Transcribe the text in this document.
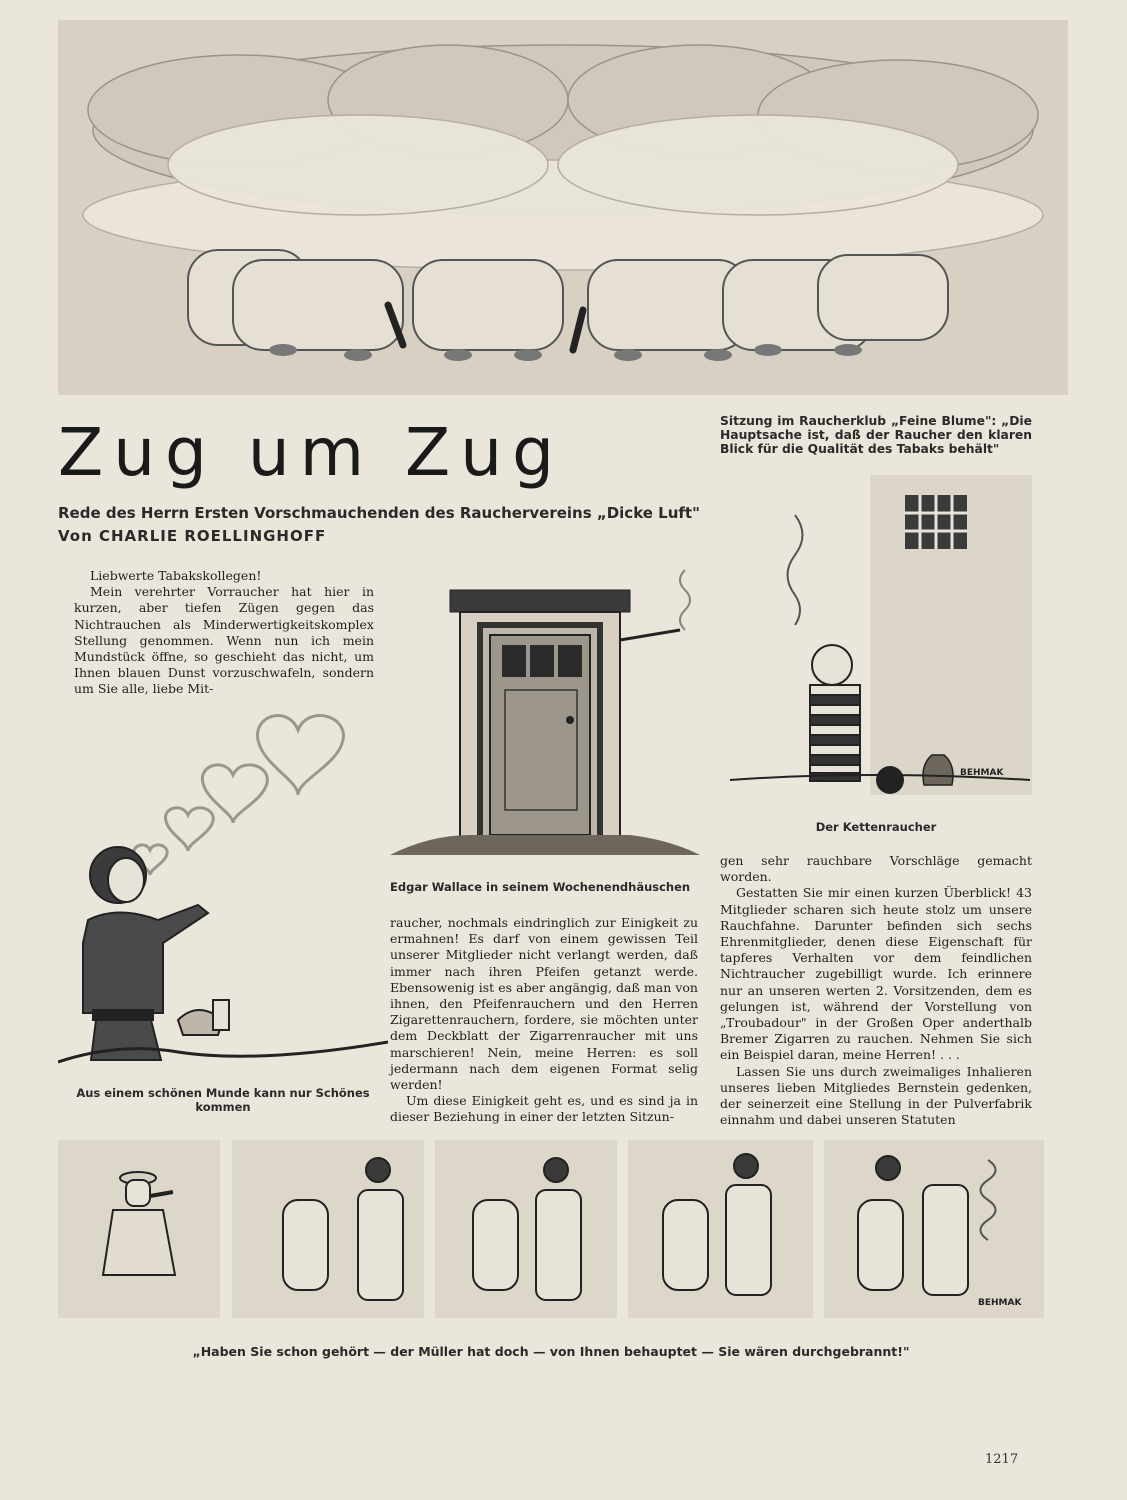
Zug um Zug
Rede des Herrn Ersten Vorschmauchenden des Rauchervereins „Dicke Luft"
Von CHARLIE ROELLINGHOFF
Sitzung im Raucherklub „Feine Blume": „Die Hauptsache ist, daß der Raucher den klaren Blick für die Qualität des Tabaks behält"

Liebwerte Tabakskollegen!

Mein verehrter Vorraucher hat hier in kurzen, aber tiefen Zügen gegen das Nichtrauchen als Minderwertigkeitskomplex Stellung genommen. Wenn nun ich mein Mundstück öffne, so geschieht das nicht, um Ihnen blauen Dunst vorzuschwafeln, sondern um Sie alle, liebe Mit-

Aus einem schönen Munde kann nur Schönes kommen
Edgar Wallace in seinem Wochenendhäuschen

raucher, nochmals eindringlich zur Einigkeit zu ermahnen! Es darf von einem gewissen Teil unserer Mitglieder nicht verlangt werden, daß immer nach ihren Pfeifen getanzt werde. Ebensowenig ist es aber angängig, daß man von ihnen, den Pfeifenrauchern und den Herren Zigarettenrauchern, fordere, sie möchten unter dem Deckblatt der Zigarrenraucher mit uns marschieren! Nein, meine Herren: es soll jedermann nach dem eigenen Format selig werden!

Um diese Einigkeit geht es, und es sind ja in dieser Beziehung in einer der letzten Sitzun-

BEHMAK
Der Kettenraucher

gen sehr rauchbare Vorschläge gemacht worden.

Gestatten Sie mir einen kurzen Überblick! 43 Mitglieder scharen sich heute stolz um unsere Rauchfahne. Darunter befinden sich sechs Ehrenmitglieder, denen diese Eigenschaft für tapferes Verhalten vor dem feindlichen Nichtraucher zugebilligt wurde. Ich erinnere nur an unseren werten 2. Vorsitzenden, dem es gelungen ist, während der Vorstellung von „Troubadour" in der Großen Oper anderthalb Bremer Zigarren zu rauchen. Nehmen Sie sich ein Beispiel daran, meine Herren! . . .

Lassen Sie uns durch zweimaliges Inhalieren unseres lieben Mitgliedes Bernstein gedenken, der seinerzeit eine Stellung in der Pulverfabrik einnahm und dabei unseren Statuten

BEHMAK
„Haben Sie schon gehört — der Müller hat doch — von Ihnen behauptet — Sie wären durchgebrannt!"
1217
